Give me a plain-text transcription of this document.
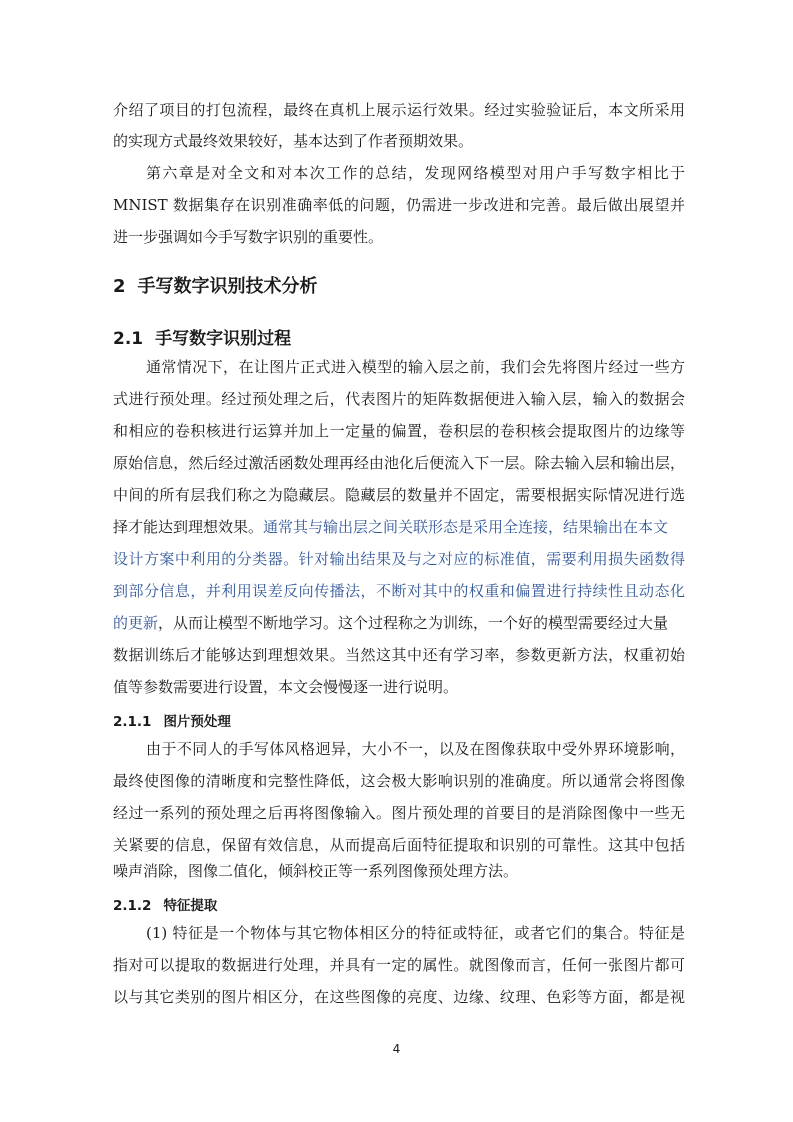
介绍了项目的打包流程，最终在真机上展示运行效果。经过实验验证后，本文所采用
的实现方式最终效果较好，基本达到了作者预期效果。
第六章是对全文和对本次工作的总结，发现网络模型对用户手写数字相比于
MNIST 数据集存在识别准确率低的问题，仍需进一步改进和完善。最后做出展望并
进一步强调如今手写数字识别的重要性。
2 手写数字识别技术分析
2.1 手写数字识别过程
通常情况下，在让图片正式进入模型的输入层之前，我们会先将图片经过一些方
式进行预处理。经过预处理之后，代表图片的矩阵数据便进入输入层，输入的数据会
和相应的卷积核进行运算并加上一定量的偏置，卷积层的卷积核会提取图片的边缘等
原始信息，然后经过激活函数处理再经由池化后便流入下一层。除去输入层和输出层，
中间的所有层我们称之为隐藏层。隐藏层的数量并不固定，需要根据实际情况进行选
择才能达到理想效果。通常其与输出层之间关联形态是采用全连接，结果输出在本文
设计方案中利用的分类器。针对输出结果及与之对应的标准值，需要利用损失函数得
到部分信息，并利用误差反向传播法，不断对其中的权重和偏置进行持续性且动态化
的更新，从而让模型不断地学习。这个过程称之为训练，一个好的模型需要经过大量
数据训练后才能够达到理想效果。当然这其中还有学习率，参数更新方法，权重初始
值等参数需要进行设置，本文会慢慢逐一进行说明。
2.1.1 图片预处理
由于不同人的手写体风格迥异，大小不一，以及在图像获取中受外界环境影响，
最终使图像的清晰度和完整性降低，这会极大影响识别的准确度。所以通常会将图像
经过一系列的预处理之后再将图像输入。图片预处理的首要目的是消除图像中一些无
关紧要的信息，保留有效信息，从而提高后面特征提取和识别的可靠性。这其中包括
噪声消除，图像二值化，倾斜校正等一系列图像预处理方法。
2.1.2 特征提取
(1) 特征是一个物体与其它物体相区分的特征或特征，或者它们的集合。特征是
指对可以提取的数据进行处理，并具有一定的属性。就图像而言，任何一张图片都可
以与其它类别的图片相区分，在这些图像的亮度、边缘、纹理、色彩等方面，都是视
4
